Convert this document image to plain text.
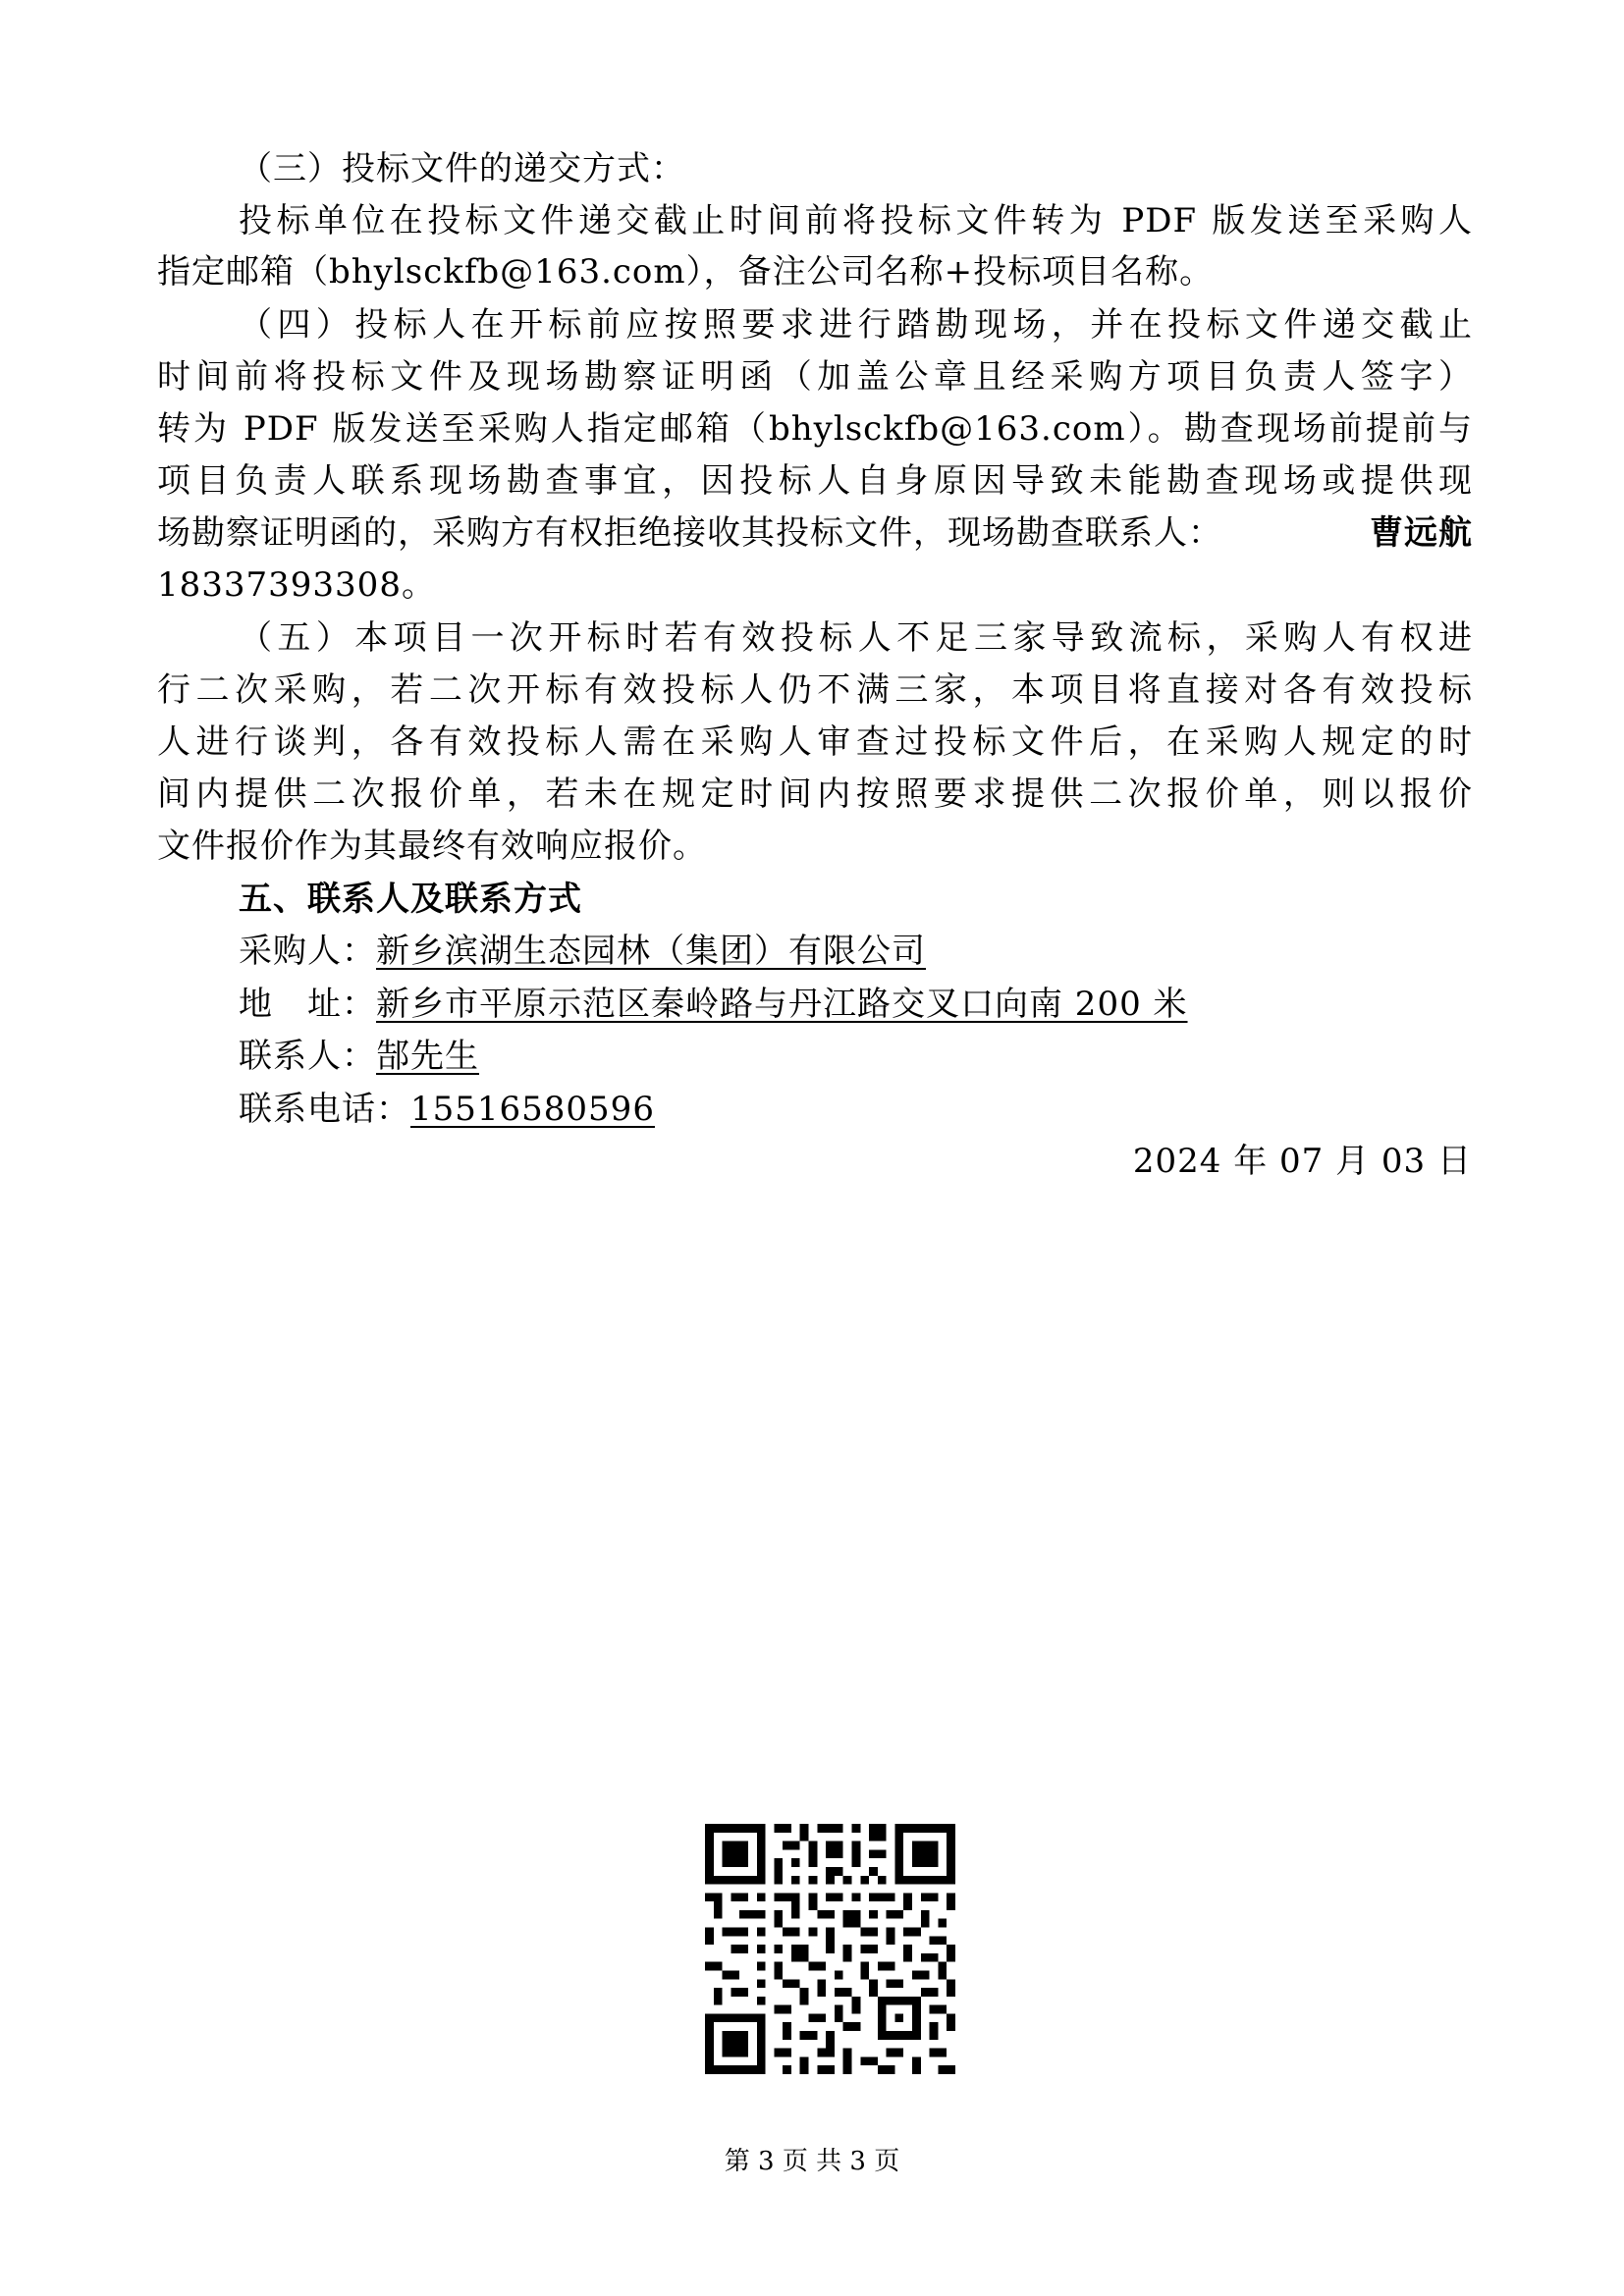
（三）投标文件的递交方式：
投标单位在投标文件递交截止时间前将投标文件转为 PDF 版发送至采购人
指定邮箱（bhylsckfb@163.com），备注公司名称+投标项目名称。
（四）投标人在开标前应按照要求进行踏勘现场，并在投标文件递交截止
时间前将投标文件及现场勘察证明函（加盖公章且经采购方项目负责人签字）
转为 PDF 版发送至采购人指定邮箱（bhylsckfb@163.com）。勘查现场前提前与
项目负责人联系现场勘查事宜，因投标人自身原因导致未能勘查现场或提供现
场勘察证明函的，采购方有权拒绝接收其投标文件，现场勘查联系人：	曹远航
18337393308。
（五）本项目一次开标时若有效投标人不足三家导致流标，采购人有权进
行二次采购，若二次开标有效投标人仍不满三家，本项目将直接对各有效投标
人进行谈判，各有效投标人需在采购人审查过投标文件后，在采购人规定的时
间内提供二次报价单，若未在规定时间内按照要求提供二次报价单，则以报价
文件报价作为其最终有效响应报价。
五、联系人及联系方式
采购人：新乡滨湖生态园林（集团）有限公司
地　址：新乡市平原示范区秦岭路与丹江路交叉口向南 200 米
联系人：郜先生
联系电话：15516580596
2024 年 07 月 03 日
第 3 页 共 3 页
